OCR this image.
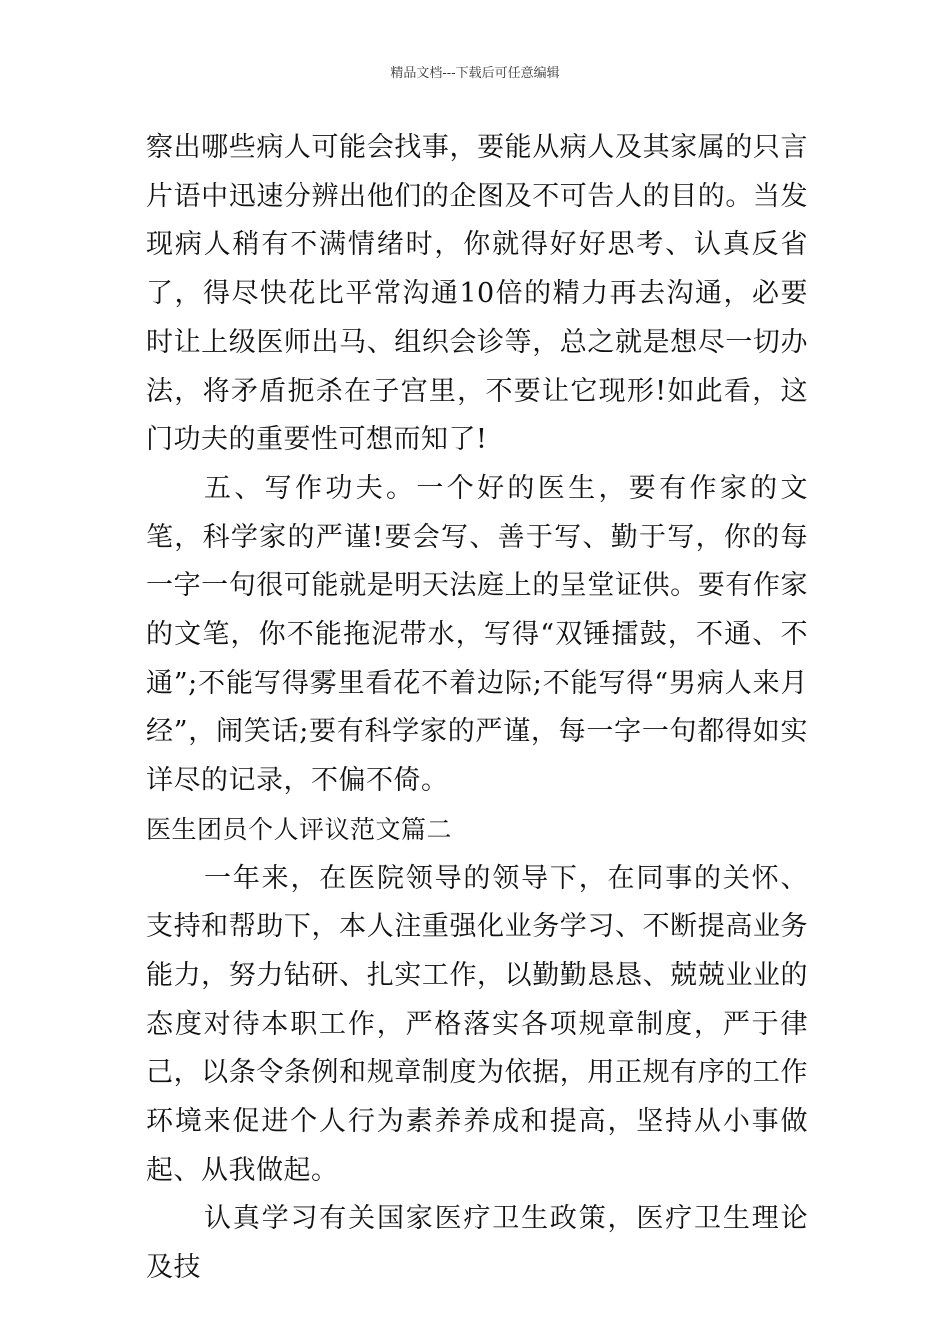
精品文档---下载后可任意编辑

察出哪些病人可能会找事，要能从病人及其家属的只言片语中迅速分辨出他们的企图及不可告人的目的。当发现病人稍有不满情绪时，你就得好好思考、认真反省了，得尽快花比平常沟通10倍的精力再去沟通，必要时让上级医师出马、组织会诊等，总之就是想尽一切办法，将矛盾扼杀在子宫里，不要让它现形!如此看，这门功夫的重要性可想而知了!

五、写作功夫。一个好的医生，要有作家的文笔，科学家的严谨!要会写、善于写、勤于写，你的每一字一句很可能就是明天法庭上的呈堂证供。要有作家的文笔，你不能拖泥带水，写得“双锤擂鼓，不通、不通”;不能写得雾里看花不着边际;不能写得“男病人来月经”，闹笑话;要有科学家的严谨，每一字一句都得如实详尽的记录，不偏不倚。

医生团员个人评议范文篇二

一年来，在医院领导的领导下，在同事的关怀、支持和帮助下，本人注重强化业务学习、不断提高业务能力，努力钻研、扎实工作，以勤勤恳恳、兢兢业业的态度对待本职工作，严格落实各项规章制度，严于律己，以条令条例和规章制度为依据，用正规有序的工作环境来促进个人行为素养养成和提高，坚持从小事做起、从我做起。

认真学习有关国家医疗卫生政策，医疗卫生理论及技
